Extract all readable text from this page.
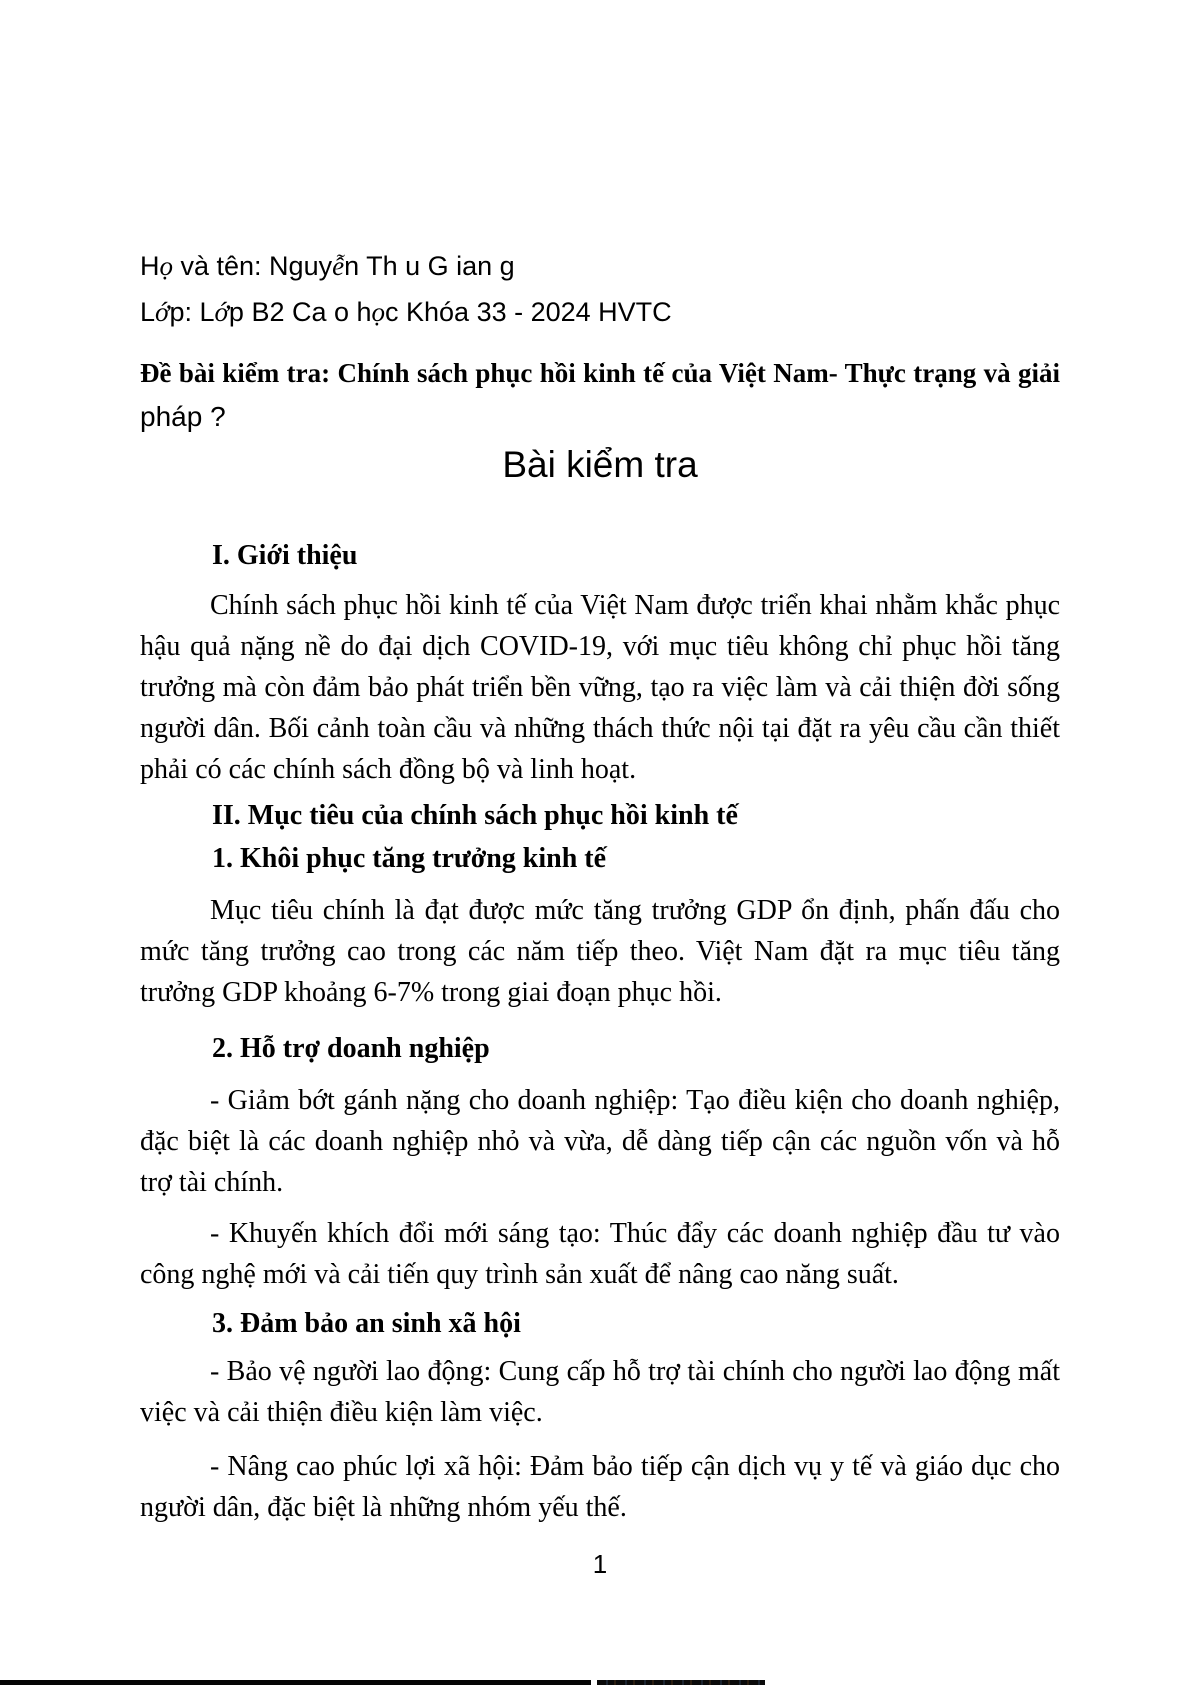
Họ và tên: Nguyễn Th u G ian g
Lớp: Lớp B2 Ca o học Khóa 33 - 2024 HVTC
Đề bài kiểm tra: Chính sách phục hồi kinh tế của Việt Nam- Thực trạng và giải
pháp ?
Bài kiểm tra
I. Giới thiệu
Chính sách phục hồi kinh tế của Việt Nam được triển khai nhằm khắc phục hậu quả nặng nề do đại dịch COVID-19, với mục tiêu không chỉ phục hồi tăng trưởng mà còn đảm bảo phát triển bền vững, tạo ra việc làm và cải thiện đời sống người dân. Bối cảnh toàn cầu và những thách thức nội tại đặt ra yêu cầu cần thiết phải có các chính sách đồng bộ và linh hoạt.
II. Mục tiêu của chính sách phục hồi kinh tế
1. Khôi phục tăng trưởng kinh tế
Mục tiêu chính là đạt được mức tăng trưởng GDP ổn định, phấn đấu cho mức tăng trưởng cao trong các năm tiếp theo. Việt Nam đặt ra mục tiêu tăng trưởng GDP khoảng 6-7% trong giai đoạn phục hồi.
2. Hỗ trợ doanh nghiệp
- Giảm bớt gánh nặng cho doanh nghiệp: Tạo điều kiện cho doanh nghiệp, đặc biệt là các doanh nghiệp nhỏ và vừa, dễ dàng tiếp cận các nguồn vốn và hỗ trợ tài chính.
- Khuyến khích đổi mới sáng tạo: Thúc đẩy các doanh nghiệp đầu tư vào công nghệ mới và cải tiến quy trình sản xuất để nâng cao năng suất.
3. Đảm bảo an sinh xã hội
- Bảo vệ người lao động: Cung cấp hỗ trợ tài chính cho người lao động mất việc và cải thiện điều kiện làm việc.
- Nâng cao phúc lợi xã hội: Đảm bảo tiếp cận dịch vụ y tế và giáo dục cho người dân, đặc biệt là những nhóm yếu thế.
1
